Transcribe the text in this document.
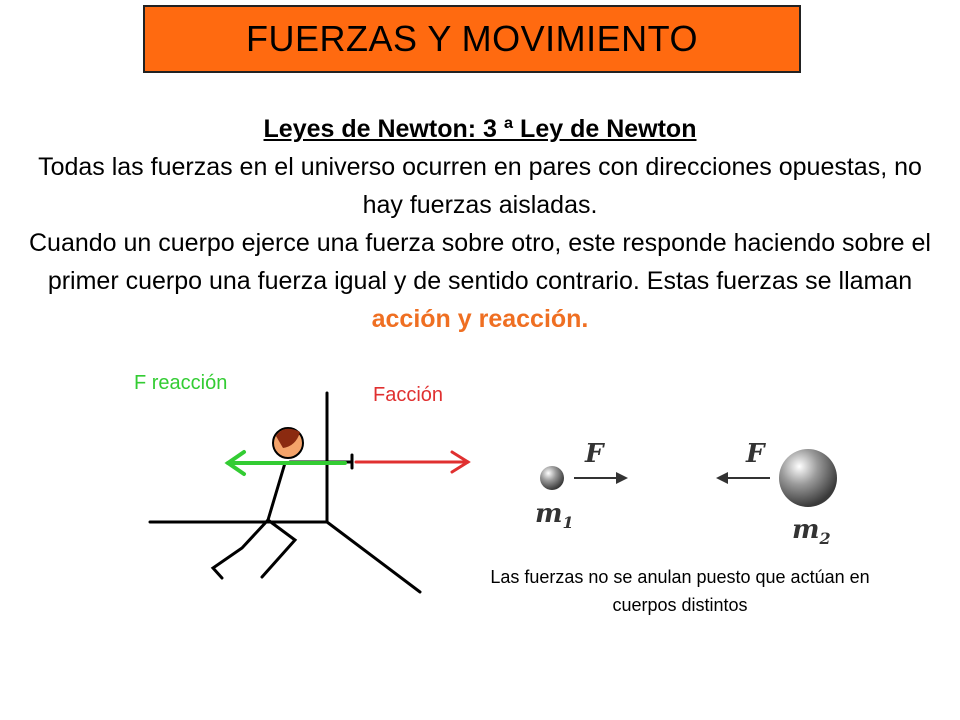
FUERZAS Y MOVIMIENTO
Leyes de Newton: 3 ª Ley de Newton
Todas las fuerzas en el universo ocurren en pares con direcciones opuestas, no hay fuerzas aisladas.
Cuando un cuerpo ejerce una fuerza sobre otro, este responde haciendo sobre el primer cuerpo una fuerza igual y de sentido contrario. Estas fuerzas se llaman acción y reacción.
F reacción
Facción
F	F
$m_1$	$m_2$
Las fuerzas no se anulan puesto que actúan en cuerpos distintos
